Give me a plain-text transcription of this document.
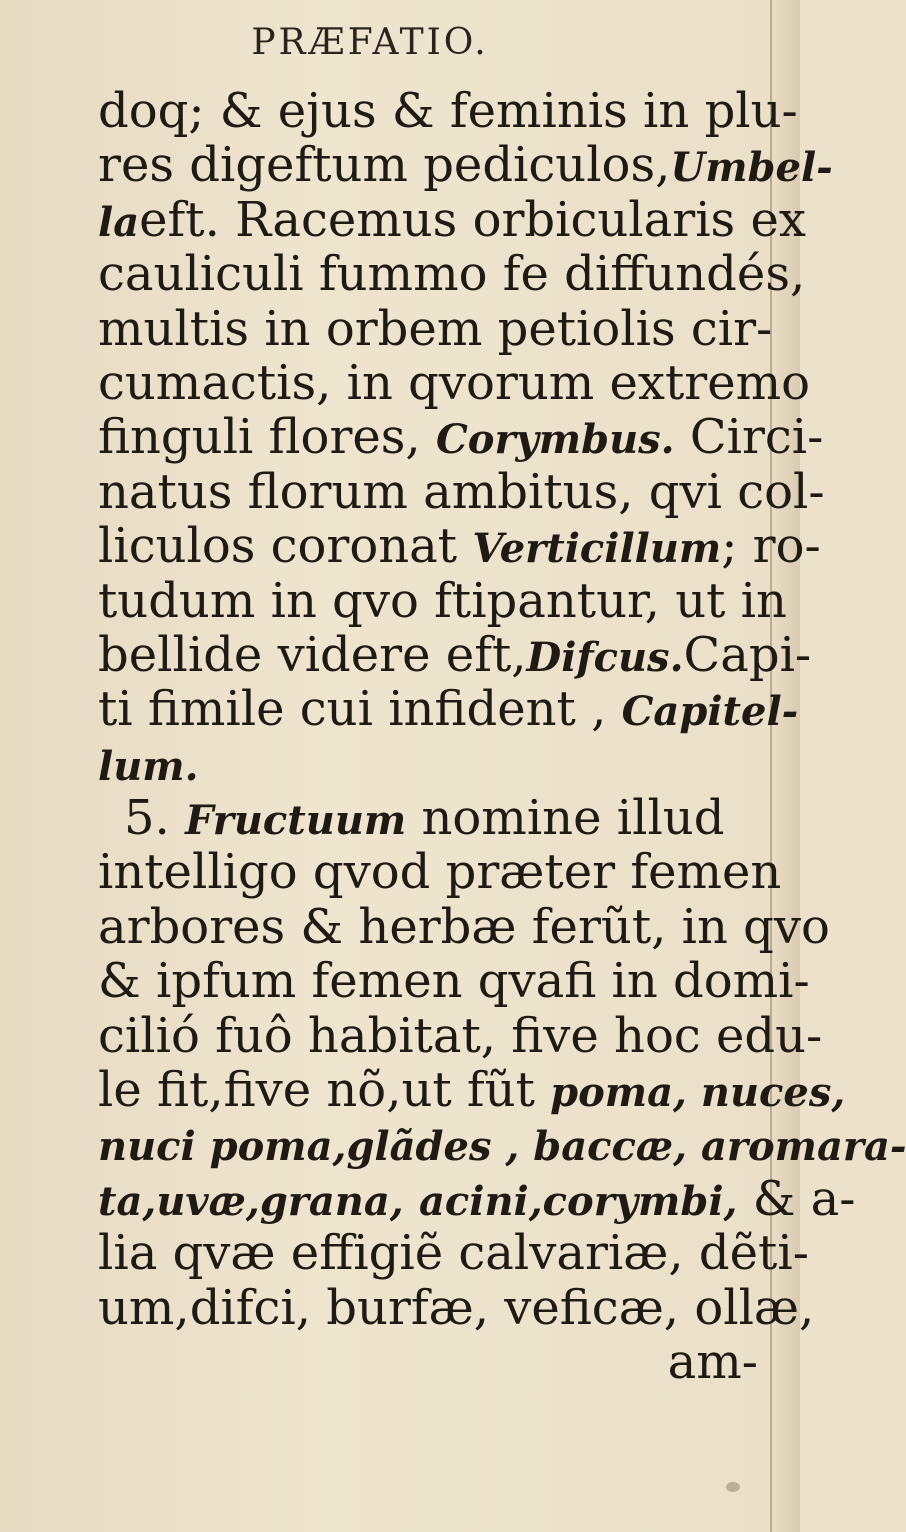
PRÆFATIO.
doq; & ejus & feminis in plu-
res digeftum pediculos,Umbel-
laeft. Racemus orbicularis ex
cauliculi fummo fe diffundés,
multis in orbem petiolis cir-
cumactis, in qvorum extremo
finguli flores, Corymbus. Circi-
natus florum ambitus, qvi col-
liculos coronat Verticillum; ro-
tudum in qvo ftipantur, ut in
bellide videre eft,Difcus.Capi-
ti fimile cui infident , Capitel-
lum.
5. Fructuum nomine illud
intelligo qvod præter femen
arbores & herbæ ferũt, in qvo
& ipfum femen qvafi in domi-
cilió fuô habitat, five hoc edu-
le fit,five nõ,ut fũt poma, nuces,
nuci poma,glãdes , baccæ, aromara-
ta,uvæ,grana, acini,corymbi, & a-
lia qvæ effigiẽ calvariæ, dẽti-
um,difci, burfæ, veficæ, ollæ,
am-
